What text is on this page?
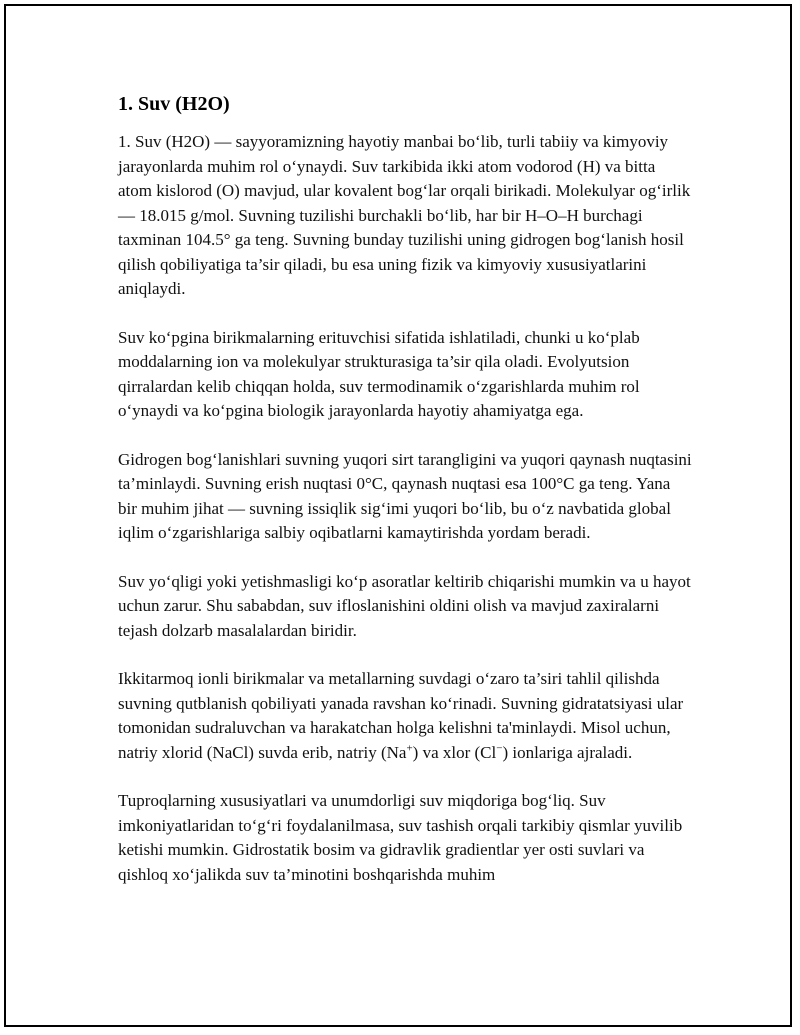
1. Suv (H2O)

1. Suv (H2O) — sayyoramizning hayotiy manbai bo‘lib, turli tabiiy va kimyoviy jarayonlarda muhim rol o‘ynaydi. Suv tarkibida ikki atom vodorod (H) va bitta atom kislorod (O) mavjud, ular kovalent bog‘lar orqali birikadi. Molekulyar og‘irlik — 18.015 g/mol. Suvning tuzilishi burchakli bo‘lib, har bir H–O–H burchagi taxminan 104.5° ga teng. Suvning bunday tuzilishi uning gidrogen bog‘lanish hosil qilish qobiliyatiga ta’sir qiladi, bu esa uning fizik va kimyoviy xususiyatlarini aniqlaydi.

Suv ko‘pgina birikmalarning erituvchisi sifatida ishlatiladi, chunki u ko‘plab moddalarning ion va molekulyar strukturasiga ta’sir qila oladi. Evolyutsion qirralardan kelib chiqqan holda, suv termodinamik o‘zgarishlarda muhim rol o‘ynaydi va ko‘pgina biologik jarayonlarda hayotiy ahamiyatga ega.

Gidrogen bog‘lanishlari suvning yuqori sirt tarangligini va yuqori qaynash nuqtasini ta’minlaydi. Suvning erish nuqtasi 0°C, qaynash nuqtasi esa 100°C ga teng. Yana bir muhim jihat — suvning issiqlik sig‘imi yuqori bo‘lib, bu o‘z navbatida global iqlim o‘zgarishlariga salbiy oqibatlarni kamaytirishda yordam beradi.

Suv yo‘qligi yoki yetishmasligi ko‘p asoratlar keltirib chiqarishi mumkin va u hayot uchun zarur. Shu sababdan, suv ifloslanishini oldini olish va mavjud zaxiralarni tejash dolzarb masalalardan biridir.

Ikkitarmoq ionli birikmalar va metallarning suvdagi o‘zaro ta’siri tahlil qilishda suvning qutblanish qobiliyati yanada ravshan ko‘rinadi. Suvning gidratatsiyasi ular tomonidan sudraluvchan va harakatchan holga kelishni ta'minlaydi. Misol uchun, natriy xlorid (NaCl) suvda erib, natriy (Na+) va xlor (Cl−) ionlariga ajraladi.

Tuproqlarning xususiyatlari va unumdorligi suv miqdoriga bog‘liq. Suv imkoniyatlaridan to‘g‘ri foydalanilmasa, suv tashish orqali tarkibiy qismlar yuvilib ketishi mumkin. Gidrostatik bosim va gidravlik gradientlar yer osti suvlari va qishloq xo‘jalikda suv ta’minotini boshqarishda muhim
